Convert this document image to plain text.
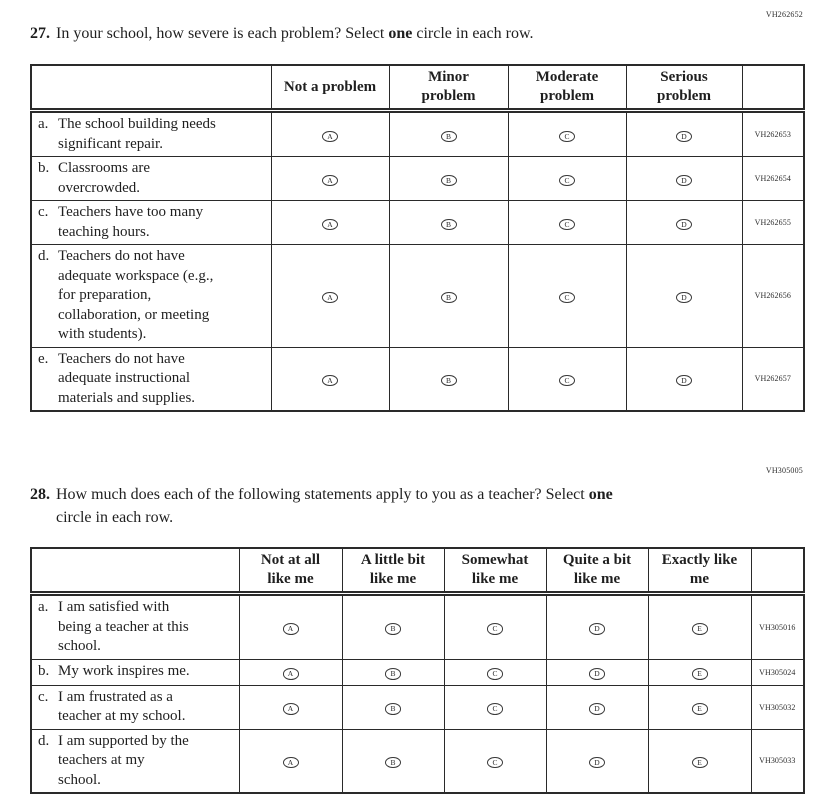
VH262652
27. In your school, how severe is each problem? Select one circle in each row.

Not a problem

Minor
problem

Moderate
problem

Serious
problem

a. The school building needs
significant repair.	A	B	C	D	VH262653

b. Classrooms are
overcrowded.	A	B	C	D	VH262654

c. Teachers have too many
teaching hours.	A	B	C	D	VH262655

d. Teachers do not have
adequate workspace (e.g.,
for preparation,
collaboration, or meeting
with students).
	A	B	C	D	VH262656

e. Teachers do not have
adequate instructional
materials and supplies.	A	B	C	D	VH262657
VH305005
28. How much does each of the following statements apply to you as a teacher? Select one
circle in each row.

Not at all
like me

A little bit
like me

Somewhat
like me

Quite a bit
like me

Exactly like
me

a. I am satisfied with
being a teacher at this
school.	A	B	C	D	E	VH305016

b. My work inspires me.	A	B	C	D	E	VH305024

c. I am frustrated as a
teacher at my school.	A	B	C	D	E	VH305032

d. I am supported by the
teachers at my
school.	A	B	C	D	E	VH305033
